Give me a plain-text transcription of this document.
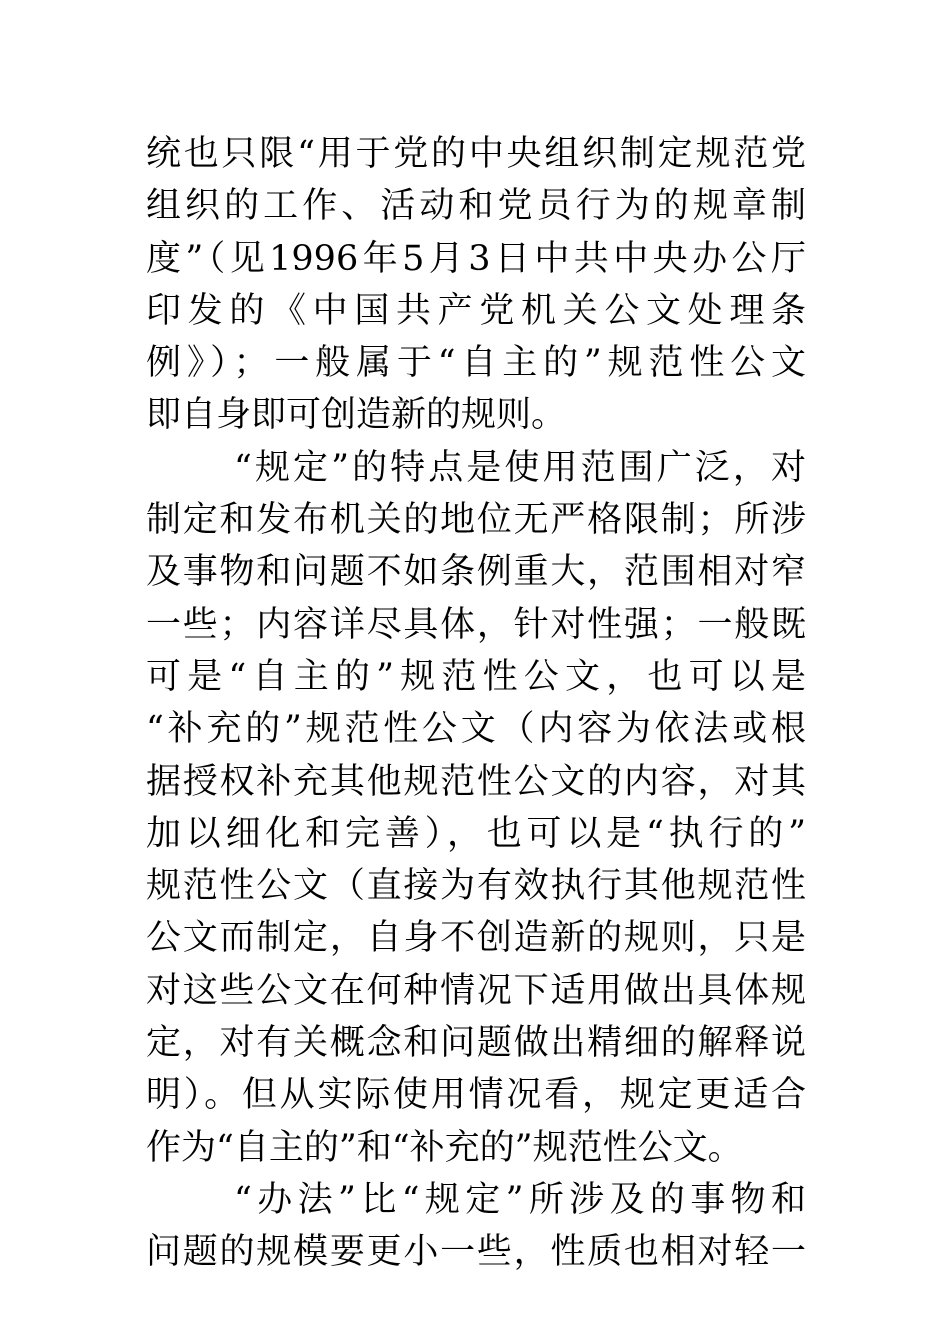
统也只限“用于党的中央组织制定规范党
组织的工作、活动和党员行为的规章制
度”（见1996年5月3日中共中央办公厅
印发的《中国共产党机关公文处理条
例》）；一般属于“自主的”规范性公文
即自身即可创造新的规则。
“规定”的特点是使用范围广泛，对
制定和发布机关的地位无严格限制；所涉
及事物和问题不如条例重大，范围相对窄
一些；内容详尽具体，针对性强；一般既
可是“自主的”规范性公文，也可以是
“补充的”规范性公文（内容为依法或根
据授权补充其他规范性公文的内容，对其
加以细化和完善），也可以是“执行的”
规范性公文（直接为有效执行其他规范性
公文而制定，自身不创造新的规则，只是
对这些公文在何种情况下适用做出具体规
定，对有关概念和问题做出精细的解释说
明）。但从实际使用情况看，规定更适合
作为“自主的”和“补充的”规范性公文。
“办法”比“规定”所涉及的事物和
问题的规模要更小一些，性质也相对轻一
